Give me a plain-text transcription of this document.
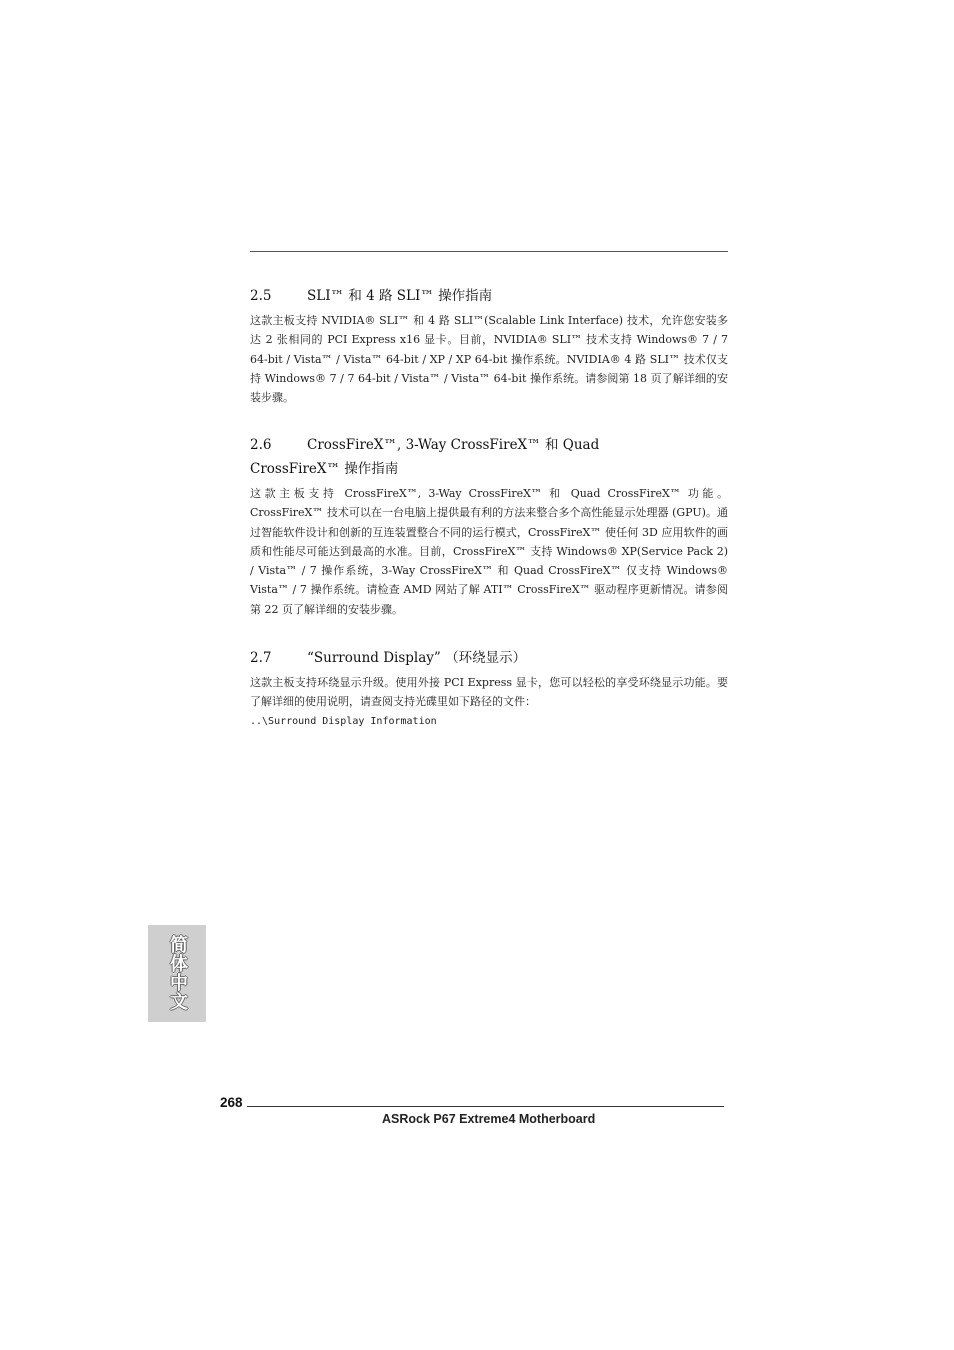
2.5	SLI™ 和 4 路 SLI™ 操作指南

这款主板支持 NVIDIA® SLI™ 和 4 路 SLI™(Scalable Link Interface) 技术，允许您安装多达 2 张相同的 PCI Express x16 显卡。目前，NVIDIA® SLI™ 技术支持 Windows® 7 / 7 64-bit / Vista™ / Vista™ 64-bit / XP / XP 64-bit 操作系统。NVIDIA® 4 路 SLI™ 技术仅支持 Windows® 7 / 7 64-bit / Vista™ / Vista™ 64-bit 操作系统。请参阅第 18 页了解详细的安装步骤。

2.6	CrossFireX™, 3-Way CrossFireX™ 和 Quad
CrossFireX™ 操作指南

这款主板支持 CrossFireX™, 3-Way CrossFireX™ 和 Quad CrossFireX™ 功能。CrossFireX™ 技术可以在一台电脑上提供最有利的方法来整合多个高性能显示处理器 (GPU)。通过智能软件设计和创新的互连装置整合不同的运行模式，CrossFireX™ 使任何 3D 应用软件的画质和性能尽可能达到最高的水准。目前，CrossFireX™ 支持 Windows® XP(Service Pack 2) / Vista™ / 7 操作系统，3-Way CrossFireX™ 和 Quad CrossFireX™ 仅支持 Windows® Vista™ / 7 操作系统。请检查 AMD 网站了解 ATI™ CrossFireX™ 驱动程序更新情况。请参阅第 22 页了解详细的安装步骤。

2.7	“Surround Display” （环绕显示）

这款主板支持环绕显示升级。使用外接 PCI Express 显卡，您可以轻松的享受环绕显示功能。要了解详细的使用说明，请查阅支持光碟里如下路径的文件：

..\Surround Display Information
简体中文
268
ASRock P67 Extreme4 Motherboard
